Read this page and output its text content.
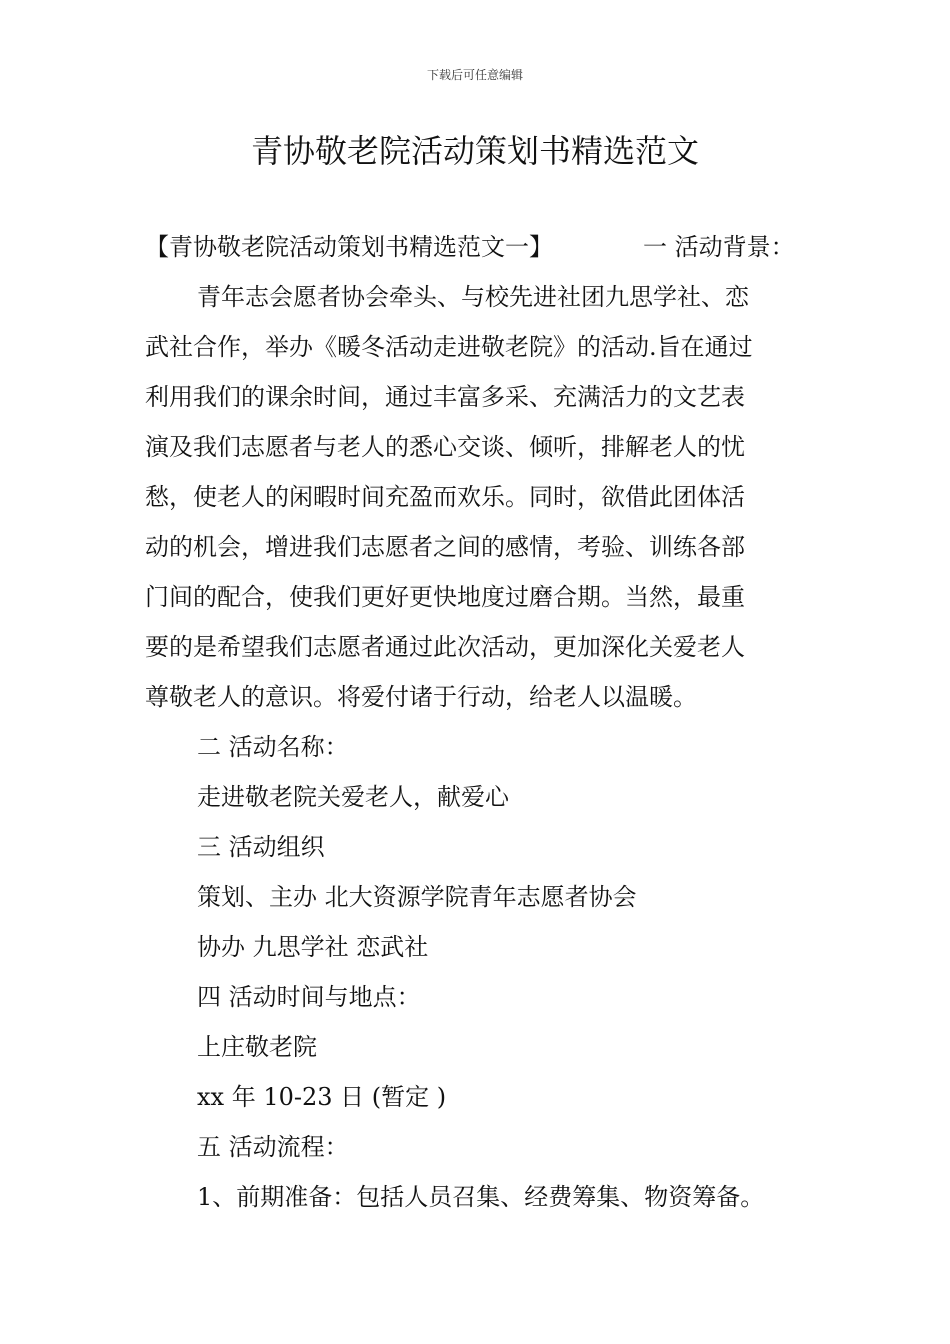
下载后可任意编辑
青协敬老院活动策划书精选范文
【青协敬老院活动策划书精选范文一】	一 活动背景：
青年志会愿者协会牵头、与校先进社团九思学社、恋
武社合作，举办《暖冬活动走进敬老院》的活动.旨在通过
利用我们的课余时间，通过丰富多采、充满活力的文艺表
演及我们志愿者与老人的悉心交谈、倾听，排解老人的忧
愁，使老人的闲暇时间充盈而欢乐。同时，欲借此团体活
动的机会，增进我们志愿者之间的感情，考验、训练各部
门间的配合，使我们更好更快地度过磨合期。当然，最重
要的是希望我们志愿者通过此次活动，更加深化关爱老人
尊敬老人的意识。将爱付诸于行动，给老人以温暖。
二 活动名称：
走进敬老院关爱老人，献爱心
三 活动组织
策划、主办 北大资源学院青年志愿者协会
协办 九思学社 恋武社
四 活动时间与地点：
上庄敬老院
xx 年 10-23 日 (暂定 )
五 活动流程：
1、前期准备：包括人员召集、经费筹集、物资筹备。
